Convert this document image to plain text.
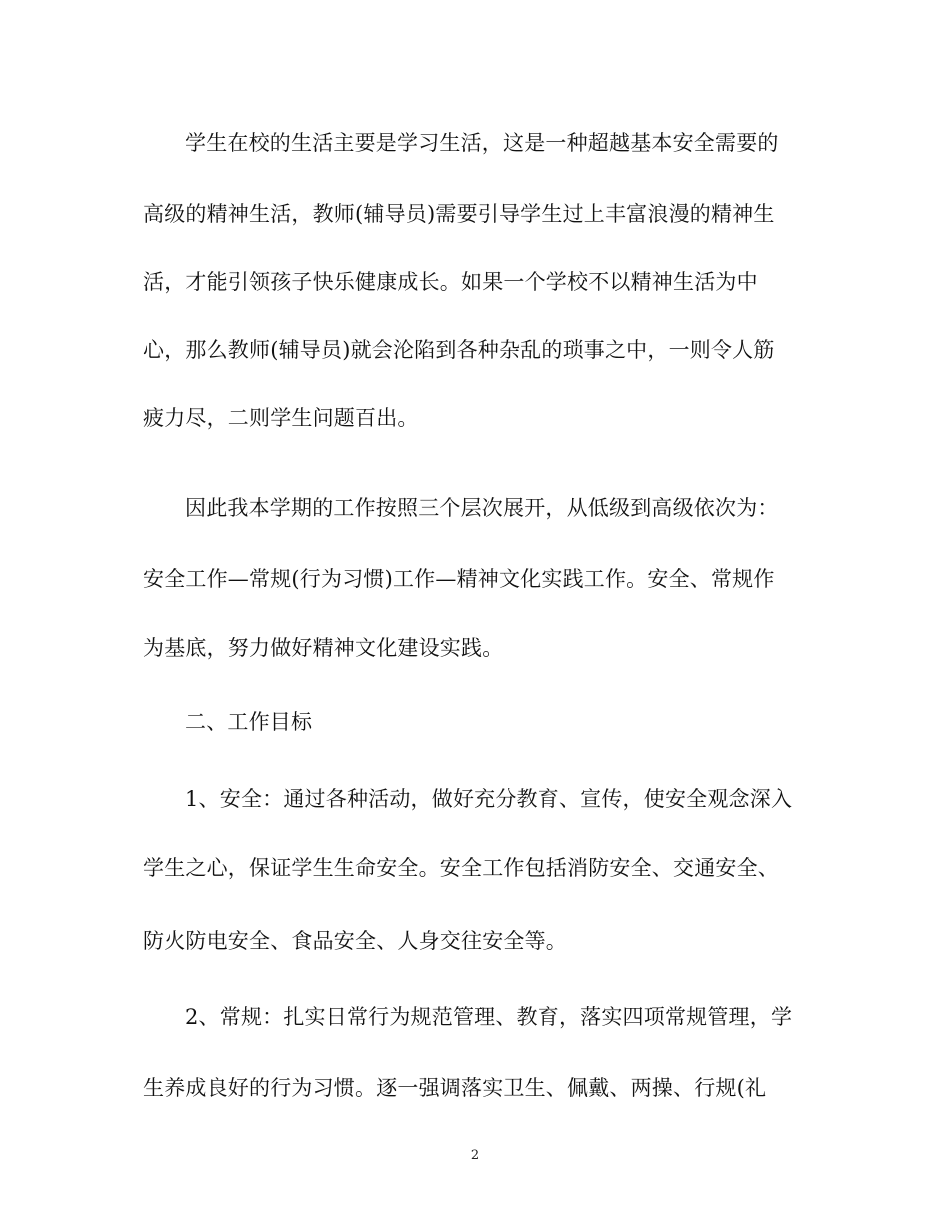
学生在校的生活主要是学习生活，这是一种超越基本安全需要的
高级的精神生活，教师(辅导员)需要引导学生过上丰富浪漫的精神生
活，才能引领孩子快乐健康成长。如果一个学校不以精神生活为中
心，那么教师(辅导员)就会沦陷到各种杂乱的琐事之中，一则令人筋
疲力尽，二则学生问题百出。
因此我本学期的工作按照三个层次展开，从低级到高级依次为：
安全工作—常规(行为习惯)工作—精神文化实践工作。安全、常规作
为基底，努力做好精神文化建设实践。
二、工作目标
1、安全：通过各种活动，做好充分教育、宣传，使安全观念深入
学生之心，保证学生生命安全。安全工作包括消防安全、交通安全、
防火防电安全、食品安全、人身交往安全等。
2、常规：扎实日常行为规范管理、教育，落实四项常规管理，学
生养成良好的行为习惯。逐一强调落实卫生、佩戴、两操、行规(礼
2
